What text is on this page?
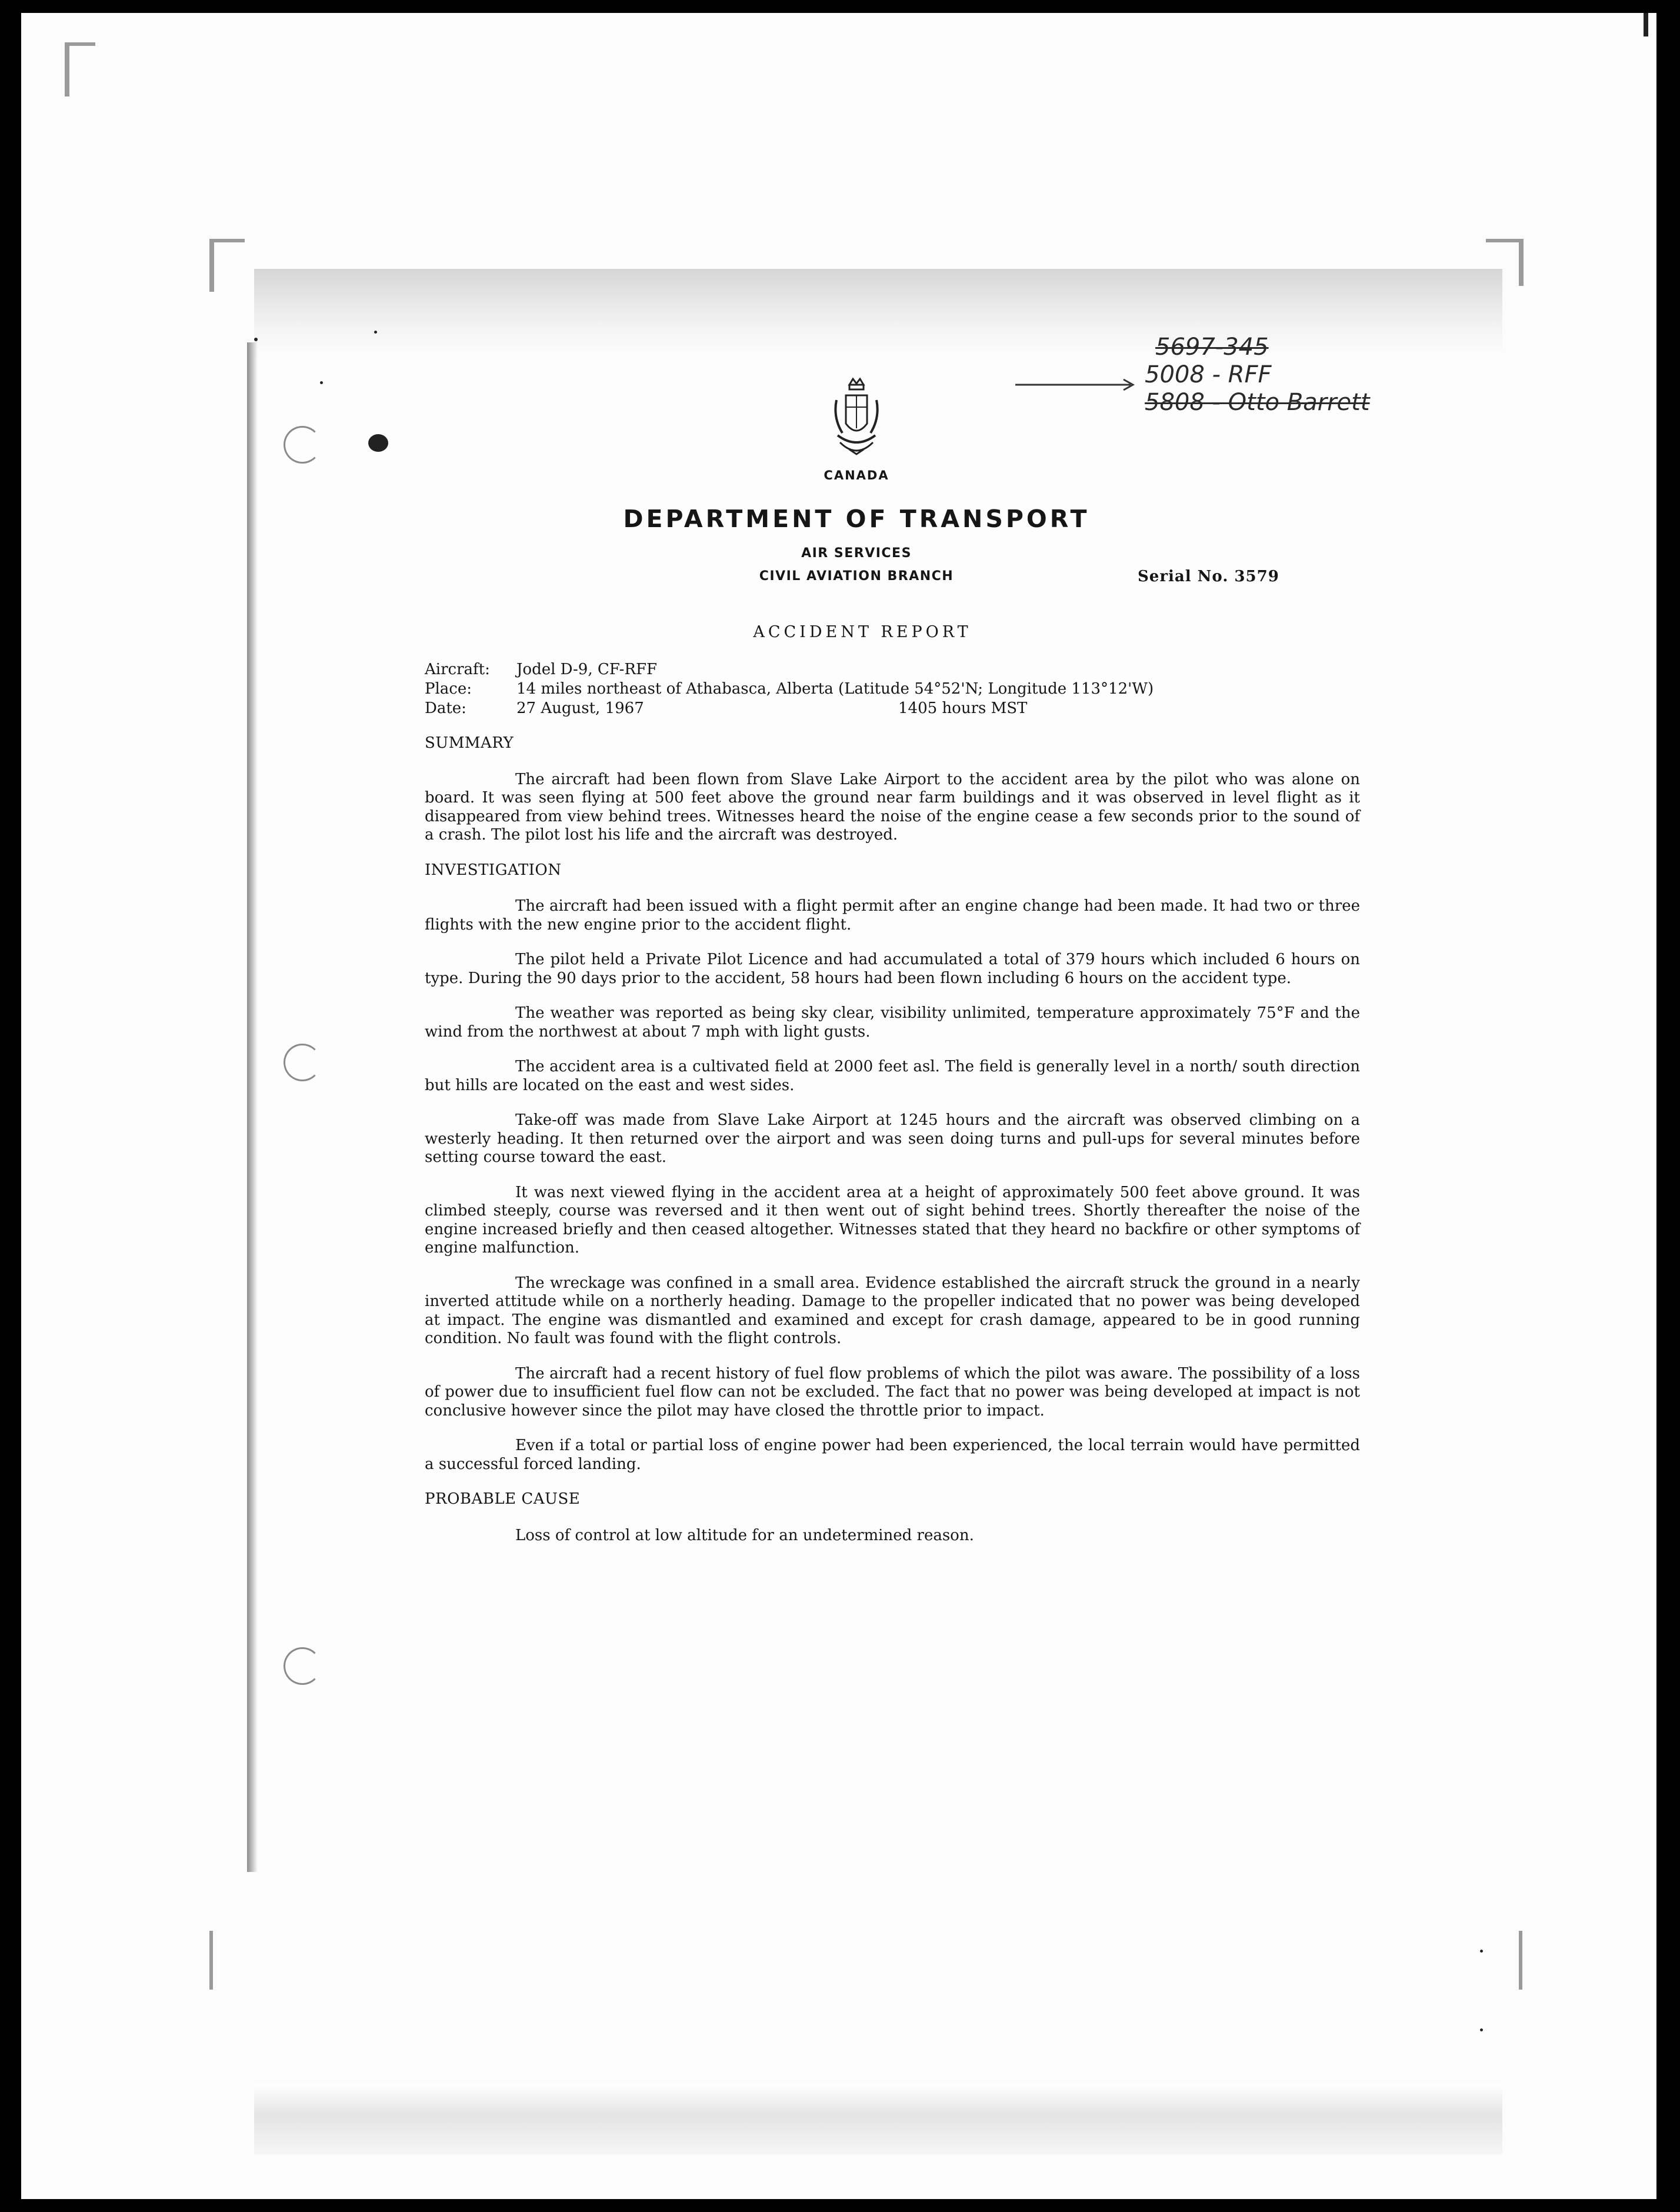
5697-345
5008 - RFF
5808 - Otto Barrett
CANADA
DEPARTMENT OF TRANSPORT
AIR SERVICES
CIVIL AVIATION BRANCH	Serial No. 3579
ACCIDENT REPORT
Aircraft: Jodel D-9, CF-RFF
Place:	14 miles northeast of Athabasca, Alberta (Latitude 54°52'N; Longitude 113°12'W)
Date:	27 August, 1967	1405 hours MST
SUMMARY

The aircraft had been flown from Slave Lake Airport to the accident area by the pilot who was alone on board. It was seen flying at 500 feet above the ground near farm buildings and it was observed in level flight as it disappeared from view behind trees. Witnesses heard the noise of the engine cease a few seconds prior to the sound of a crash. The pilot lost his life and the aircraft was destroyed.

INVESTIGATION

The aircraft had been issued with a flight permit after an engine change had been made. It had two or three flights with the new engine prior to the accident flight.

The pilot held a Private Pilot Licence and had accumulated a total of 379 hours which included 6 hours on type. During the 90 days prior to the accident, 58 hours had been flown including 6 hours on the accident type.

The weather was reported as being sky clear, visibility unlimited, temperature approximately 75°F and the wind from the northwest at about 7 mph with light gusts.

The accident area is a cultivated field at 2000 feet asl. The field is generally level in a north/ south direction but hills are located on the east and west sides.

Take-off was made from Slave Lake Airport at 1245 hours and the aircraft was observed climbing on a westerly heading. It then returned over the airport and was seen doing turns and pull-ups for several minutes before setting course toward the east.

It was next viewed flying in the accident area at a height of approximately 500 feet above ground. It was climbed steeply, course was reversed and it then went out of sight behind trees. Shortly thereafter the noise of the engine increased briefly and then ceased altogether. Witnesses stated that they heard no backfire or other symptoms of engine malfunction.

The wreckage was confined in a small area. Evidence established the aircraft struck the ground in a nearly inverted attitude while on a northerly heading. Damage to the propeller indicated that no power was being developed at impact. The engine was dismantled and examined and except for crash damage, appeared to be in good running condition. No fault was found with the flight controls.

The aircraft had a recent history of fuel flow problems of which the pilot was aware. The possibility of a loss of power due to insufficient fuel flow can not be excluded. The fact that no power was being developed at impact is not conclusive however since the pilot may have closed the throttle prior to impact.

Even if a total or partial loss of engine power had been experienced, the local terrain would have permitted a successful forced landing.

PROBABLE CAUSE

Loss of control at low altitude for an undetermined reason.
